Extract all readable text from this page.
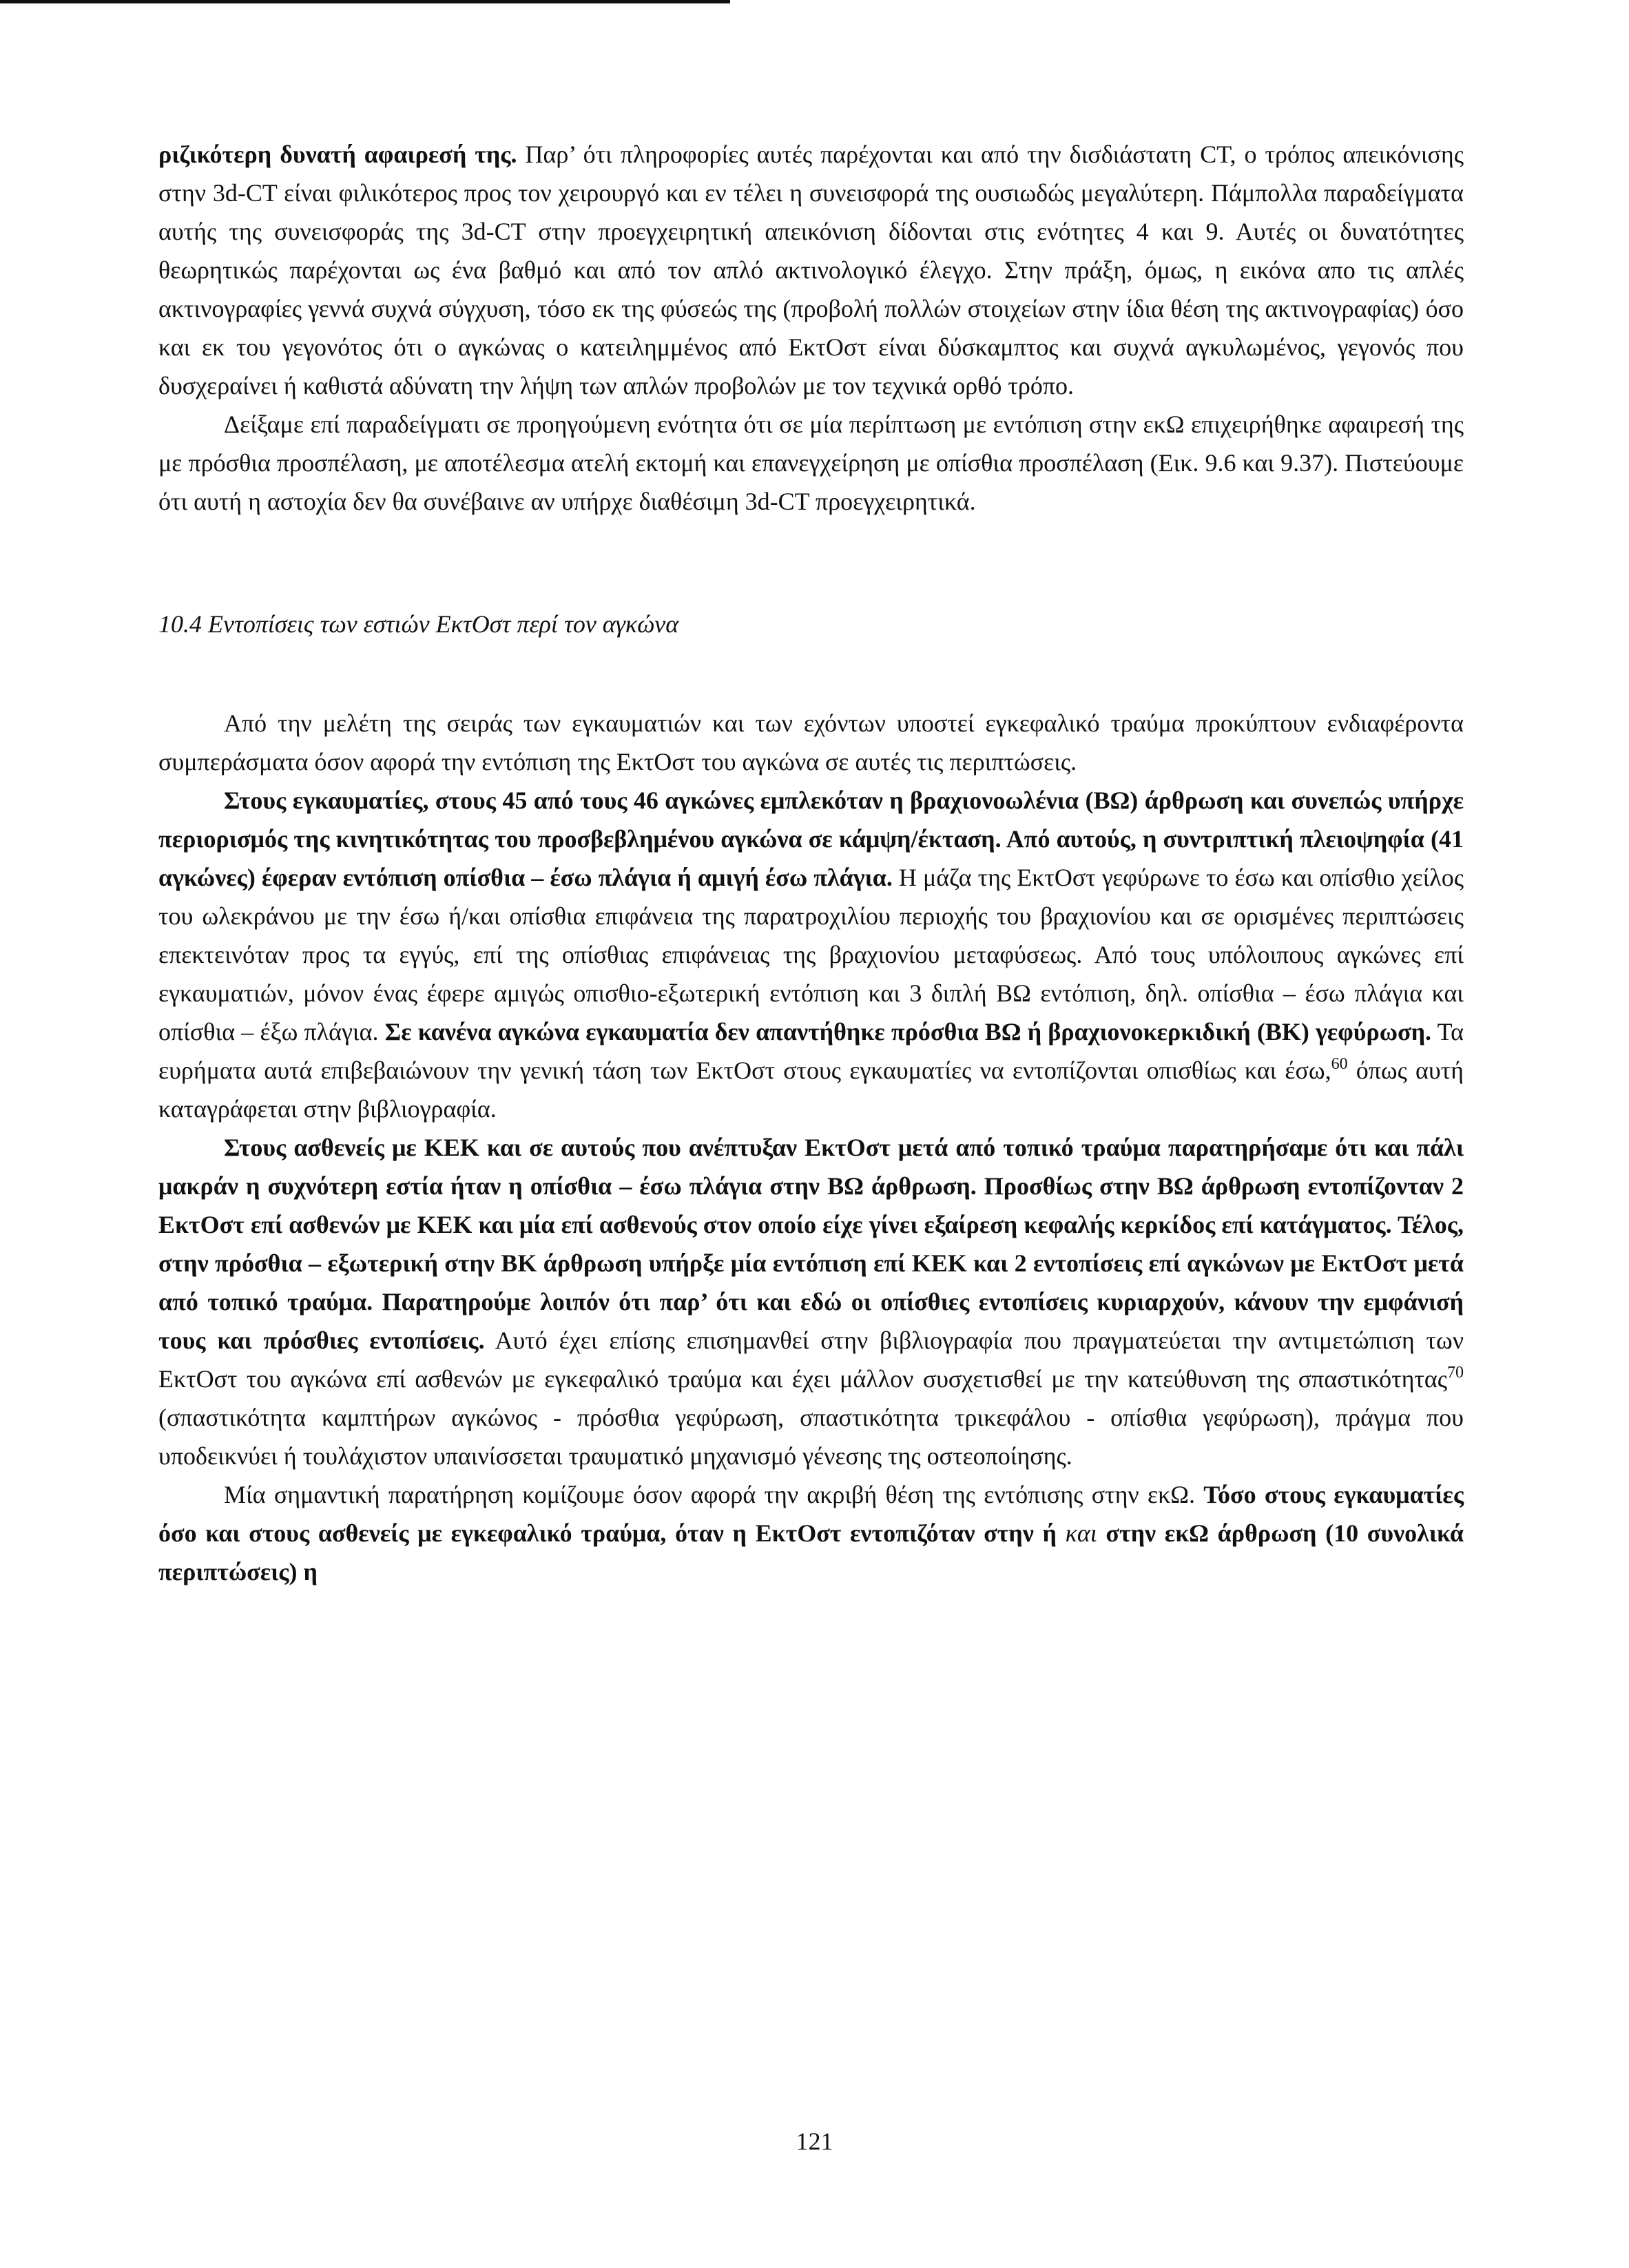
ριζικότερη δυνατή αφαιρεσή της. Παρ’ ότι πληροφορίες αυτές παρέχονται και από την δισδιάστατη CT, ο τρόπος απεικόνισης στην 3d-CT είναι φιλικότερος προς τον χειρουργό και εν τέλει η συνεισφορά της ουσιωδώς μεγαλύτερη. Πάμπολλα παραδείγματα αυτής της συνεισφοράς της 3d-CT στην προεγχειρητική απεικόνιση δίδονται στις ενότητες 4 και 9. Αυτές οι δυνατότητες θεωρητικώς παρέχονται ως ένα βαθμό και από τον απλό ακτινολογικό έλεγχο. Στην πράξη, όμως, η εικόνα απο τις απλές ακτινογραφίες γεννά συχνά σύγχυση, τόσο εκ της φύσεώς της (προβολή πολλών στοιχείων στην ίδια θέση της ακτινογραφίας) όσο και εκ του γεγονότος ότι ο αγκώνας ο κατειλημμένος από ΕκτΟστ είναι δύσκαμπτος και συχνά αγκυλωμένος, γεγονός που δυσχεραίνει ή καθιστά αδύνατη την λήψη των απλών προβολών με τον τεχνικά ορθό τρόπο.

Δείξαμε επί παραδείγματι σε προηγούμενη ενότητα ότι σε μία περίπτωση με εντόπιση στην εκΩ επιχειρήθηκε αφαιρεσή της με πρόσθια προσπέλαση, με αποτέλεσμα ατελή εκτομή και επανεγχείρηση με οπίσθια προσπέλαση (Εικ. 9.6 και 9.37). Πιστεύουμε ότι αυτή η αστοχία δεν θα συνέβαινε αν υπήρχε διαθέσιμη 3d-CT προεγχειρητικά.

10.4 Εντοπίσεις των εστιών ΕκτΟστ περί τον αγκώνα

Από την μελέτη της σειράς των εγκαυματιών και των εχόντων υποστεί εγκεφαλικό τραύμα προκύπτουν ενδιαφέροντα συμπεράσματα όσον αφορά την εντόπιση της ΕκτΟστ του αγκώνα σε αυτές τις περιπτώσεις.

Στους εγκαυματίες, στους 45 από τους 46 αγκώνες εμπλεκόταν η βραχιονοωλένια (ΒΩ) άρθρωση και συνεπώς υπήρχε περιορισμός της κινητικότητας του προσβεβλημένου αγκώνα σε κάμψη/έκταση. Από αυτούς, η συντριπτική πλειοψηφία (41 αγκώνες) έφεραν εντόπιση οπίσθια – έσω πλάγια ή αμιγή έσω πλάγια. Η μάζα της ΕκτΟστ γεφύρωνε το έσω και οπίσθιο χείλος του ωλεκράνου με την έσω ή/και οπίσθια επιφάνεια της παρατροχιλίου περιοχής του βραχιονίου και σε ορισμένες περιπτώσεις επεκτεινόταν προς τα εγγύς, επί της οπίσθιας επιφάνειας της βραχιονίου μεταφύσεως. Από τους υπόλοιπους αγκώνες επί εγκαυματιών, μόνον ένας έφερε αμιγώς οπισθιο-εξωτερική εντόπιση και 3 διπλή ΒΩ εντόπιση, δηλ. οπίσθια – έσω πλάγια και οπίσθια – έξω πλάγια. Σε κανένα αγκώνα εγκαυματία δεν απαντήθηκε πρόσθια ΒΩ ή βραχιονοκερκιδική (ΒΚ) γεφύρωση. Τα ευρήματα αυτά επιβεβαιώνουν την γενική τάση των ΕκτΟστ στους εγκαυματίες να εντοπίζονται οπισθίως και έσω,$^{60}$ όπως αυτή καταγράφεται στην βιβλιογραφία.

Στους ασθενείς με ΚΕΚ και σε αυτούς που ανέπτυξαν ΕκτΟστ μετά από τοπικό τραύμα παρατηρήσαμε ότι και πάλι μακράν η συχνότερη εστία ήταν η οπίσθια – έσω πλάγια στην ΒΩ άρθρωση. Προσθίως στην ΒΩ άρθρωση εντοπίζονταν 2 ΕκτΟστ επί ασθενών με ΚΕΚ και μία επί ασθενούς στον οποίο είχε γίνει εξαίρεση κεφαλής κερκίδος επί κατάγματος. Τέλος, στην πρόσθια – εξωτερική στην ΒΚ άρθρωση υπήρξε μία εντόπιση επί ΚΕΚ και 2 εντοπίσεις επί αγκώνων με ΕκτΟστ μετά από τοπικό τραύμα. Παρατηρούμε λοιπόν ότι παρ’ ότι και εδώ οι οπίσθιες εντοπίσεις κυριαρχούν, κάνουν την εμφάνισή τους και πρόσθιες εντοπίσεις. Αυτό έχει επίσης επισημανθεί στην βιβλιογραφία που πραγματεύεται την αντιμετώπιση των ΕκτΟστ του αγκώνα επί ασθενών με εγκεφαλικό τραύμα και έχει μάλλον συσχετισθεί με την κατεύθυνση της σπαστικότητας$^{70}$ (σπαστικότητα καμπτήρων αγκώνος - πρόσθια γεφύρωση, σπαστικότητα τρικεφάλου - οπίσθια γεφύρωση), πράγμα που υποδεικνύει ή τουλάχιστον υπαινίσσεται τραυματικό μηχανισμό γένεσης της οστεοποίησης.

Μία σημαντική παρατήρηση κομίζουμε όσον αφορά την ακριβή θέση της εντόπισης στην εκΩ. Τόσο στους εγκαυματίες όσο και στους ασθενείς με εγκεφαλικό τραύμα, όταν η ΕκτΟστ εντοπιζόταν στην ή και στην εκΩ άρθρωση (10 συνολικά περιπτώσεις) η

121
